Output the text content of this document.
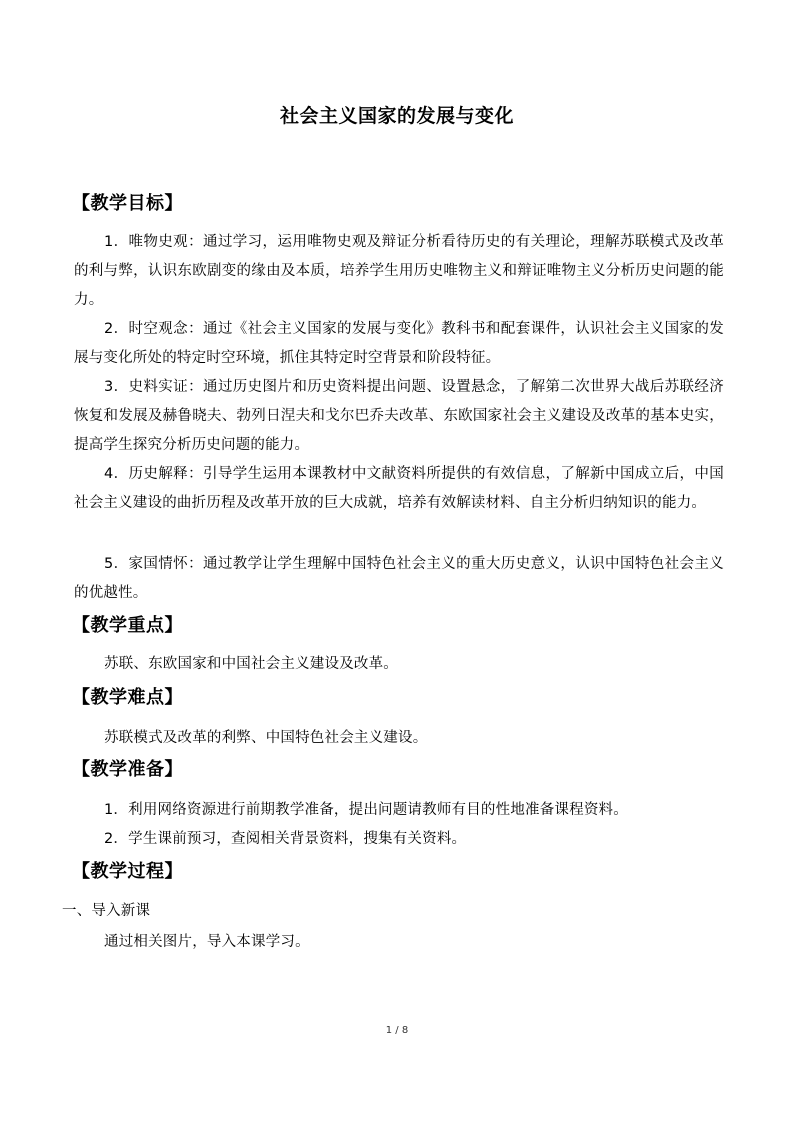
社会主义国家的发展与变化
【教学目标】
1．唯物史观：通过学习，运用唯物史观及辩证分析看待历史的有关理论，理解苏联模式及改革的利与弊，认识东欧剧变的缘由及本质，培养学生用历史唯物主义和辩证唯物主义分析历史问题的能力。
2．时空观念：通过《社会主义国家的发展与变化》教科书和配套课件，认识社会主义国家的发展与变化所处的特定时空环境，抓住其特定时空背景和阶段特征。
3．史料实证：通过历史图片和历史资料提出问题、设置悬念，了解第二次世界大战后苏联经济恢复和发展及赫鲁晓夫、勃列日涅夫和戈尔巴乔夫改革、东欧国家社会主义建设及改革的基本史实，提高学生探究分析历史问题的能力。
4．历史解释：引导学生运用本课教材中文献资料所提供的有效信息，了解新中国成立后，中国社会主义建设的曲折历程及改革开放的巨大成就，培养有效解读材料、自主分析归纳知识的能力。
5．家国情怀：通过教学让学生理解中国特色社会主义的重大历史意义，认识中国特色社会主义的优越性。
【教学重点】
苏联、东欧国家和中国社会主义建设及改革。
【教学难点】
苏联模式及改革的利弊、中国特色社会主义建设。
【教学准备】
1．利用网络资源进行前期教学准备，提出问题请教师有目的性地准备课程资料。
2．学生课前预习，查阅相关背景资料，搜集有关资料。
【教学过程】
一、导入新课
通过相关图片，导入本课学习。
1 / 8
